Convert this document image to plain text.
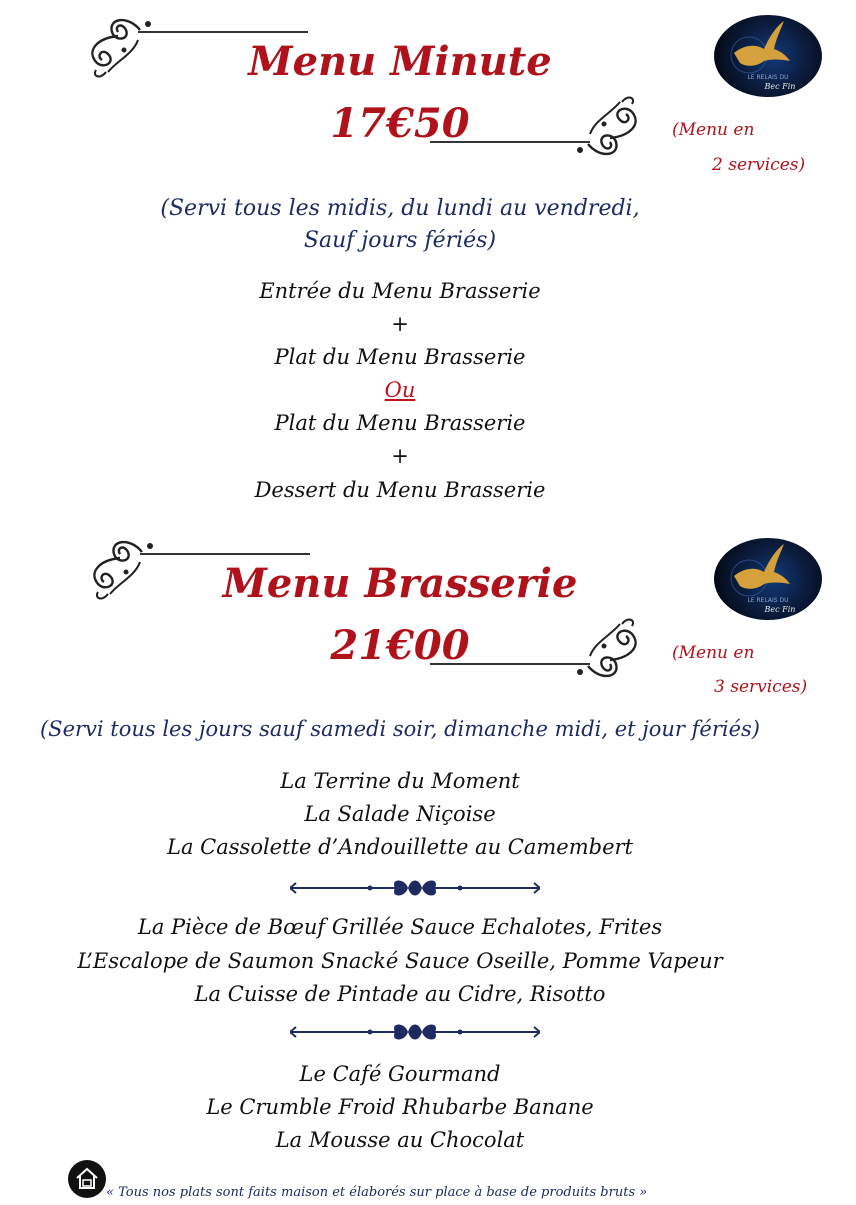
LE RELAIS DU
Bec Fin
Menu Minute
17€50	(Menu en
2 services)
(Servi tous les midis, du lundi au vendredi,
Sauf jours fériés)
Entrée du Menu Brasserie
+
Plat du Menu Brasserie
Ou
Plat du Menu Brasserie
+
Dessert du Menu Brasserie
LE RELAIS DU
Bec Fin
Menu Brasserie
21€00	(Menu en
3 services)
(Servi tous les jours sauf samedi soir, dimanche midi, et jour fériés)
La Terrine du Moment
La Salade Niçoise
La Cassolette d’Andouillette au Camembert
La Pièce de Bœuf Grillée Sauce Echalotes, Frites
L’Escalope de Saumon Snacké Sauce Oseille, Pomme Vapeur
La Cuisse de Pintade au Cidre, Risotto
Le Café Gourmand
Le Crumble Froid Rhubarbe Banane
La Mousse au Chocolat
« Tous nos plats sont faits maison et élaborés sur place à base de produits bruts »
